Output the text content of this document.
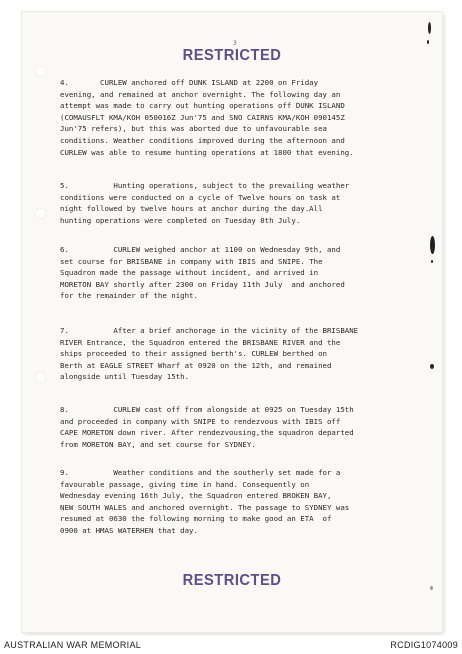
3
RESTRICTED
4.       CURLEW anchored off DUNK ISLAND at 2200 on Friday
evening, and remained at anchor overnight. The following day an
attempt was made to carry out hunting operations off DUNK ISLAND
(COMAUSFLT KMA/KOH 050016Z Jun'75 and SNO CAIRNS KMA/KOH 090145Z
Jun'75 refers), but this was aborted due to unfavourable sea
conditions. Weather conditions improved during the afternoon and
CURLEW was able to resume hunting operations at 1800 that evening.
5.          Hunting operations, subject to the prevailing weather
conditions were conducted on a cycle of Twelve hours on task at
night followed by twelve hours at anchor during the day.All
hunting operations were completed on Tuesday 8th July.
6.          CURLEW weighed anchor at 1100 on Wednesday 9th, and
set course for BRISBANE in company with IBIS and SNIPE. The
Squadron made the passage without incident, and arrived in
MORETON BAY shortly after 2300 on Friday 11th July  and anchored
for the remainder of the night.
7.          After a brief anchorage in the vicinity of the BRISBANE
RIVER Entrance, the Squadron entered the BRISBANE RIVER and the
ships proceeded to their assigned berth's. CURLEW berthed on
Berth at EAGLE STREET Wharf at 0920 on the 12th, and remained
alongside until Tuesday 15th.
8.          CURLEW cast off from alongside at 0925 on Tuesday 15th
and proceeded in company with SNIPE to rendezvous with IBIS off
CAPE MORETON down river. After rendezvousing,the squadron departed
from MORETON BAY, and set course for SYDNEY.
9.          Weather conditions and the southerly set made for a
favourable passage, giving time in hand. Consequently on
Wednesday evening 16th July, the Squadron entered BROKEN BAY,
NEW SOUTH WALES and anchored overnight. The passage to SYDNEY was
resumed at 0630 the following morning to make good an ETA  of
0900 at HMAS WATERHEN that day.
RESTRICTED
AUSTRALIAN WAR MEMORIAL	RCDIG1074009
